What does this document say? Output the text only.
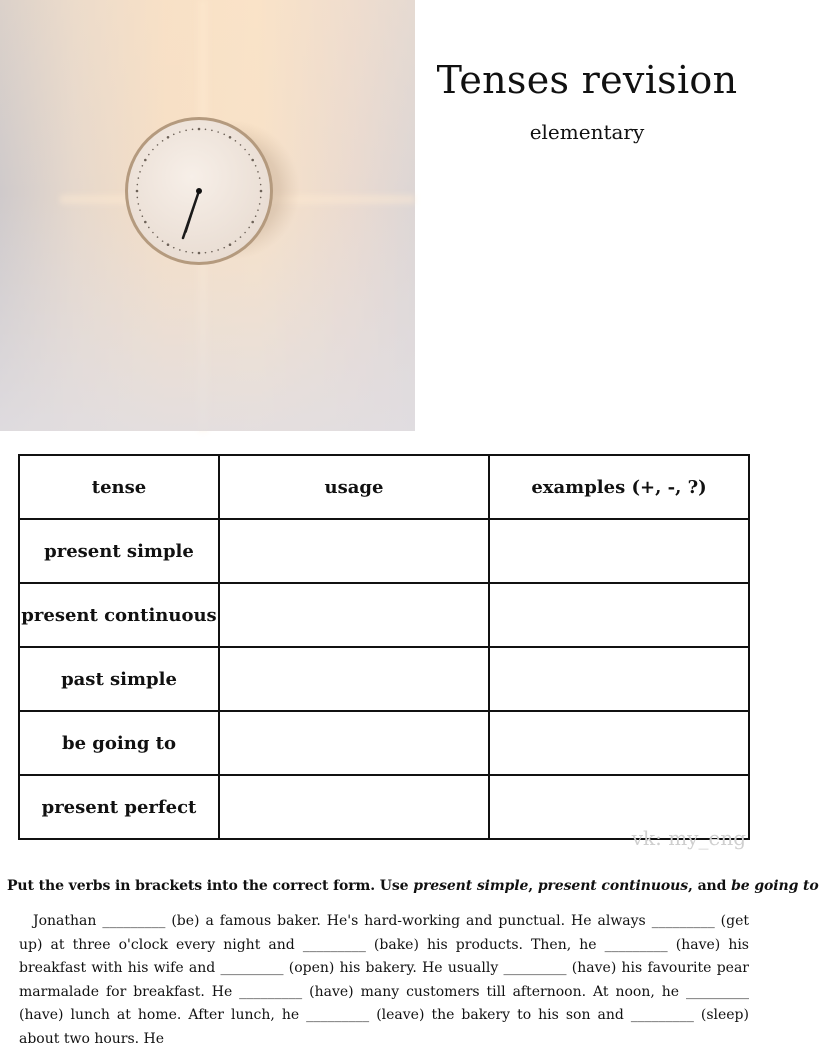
Tenses revision
elementary
tense	usage	examples (+, -, ?)
present simple		
present continuous		
past simple		
be going to		
present perfect		
vk: my_eng
Put the verbs in brackets into the correct form. Use present simple, present continuous, and be going to

Jonathan _________ (be) a famous baker. He's hard-working and punctual. He always _________ (get up) at three o'clock every night and _________ (bake) his products. Then, he _________ (have) his breakfast with his wife and _________ (open) his bakery. He usually _________ (have) his favourite pear marmalade for breakfast. He _________ (have) many customers till afternoon. At noon, he _________ (have) lunch at home. After lunch, he _________ (leave) the bakery to his son and _________ (sleep) about two hours. He
